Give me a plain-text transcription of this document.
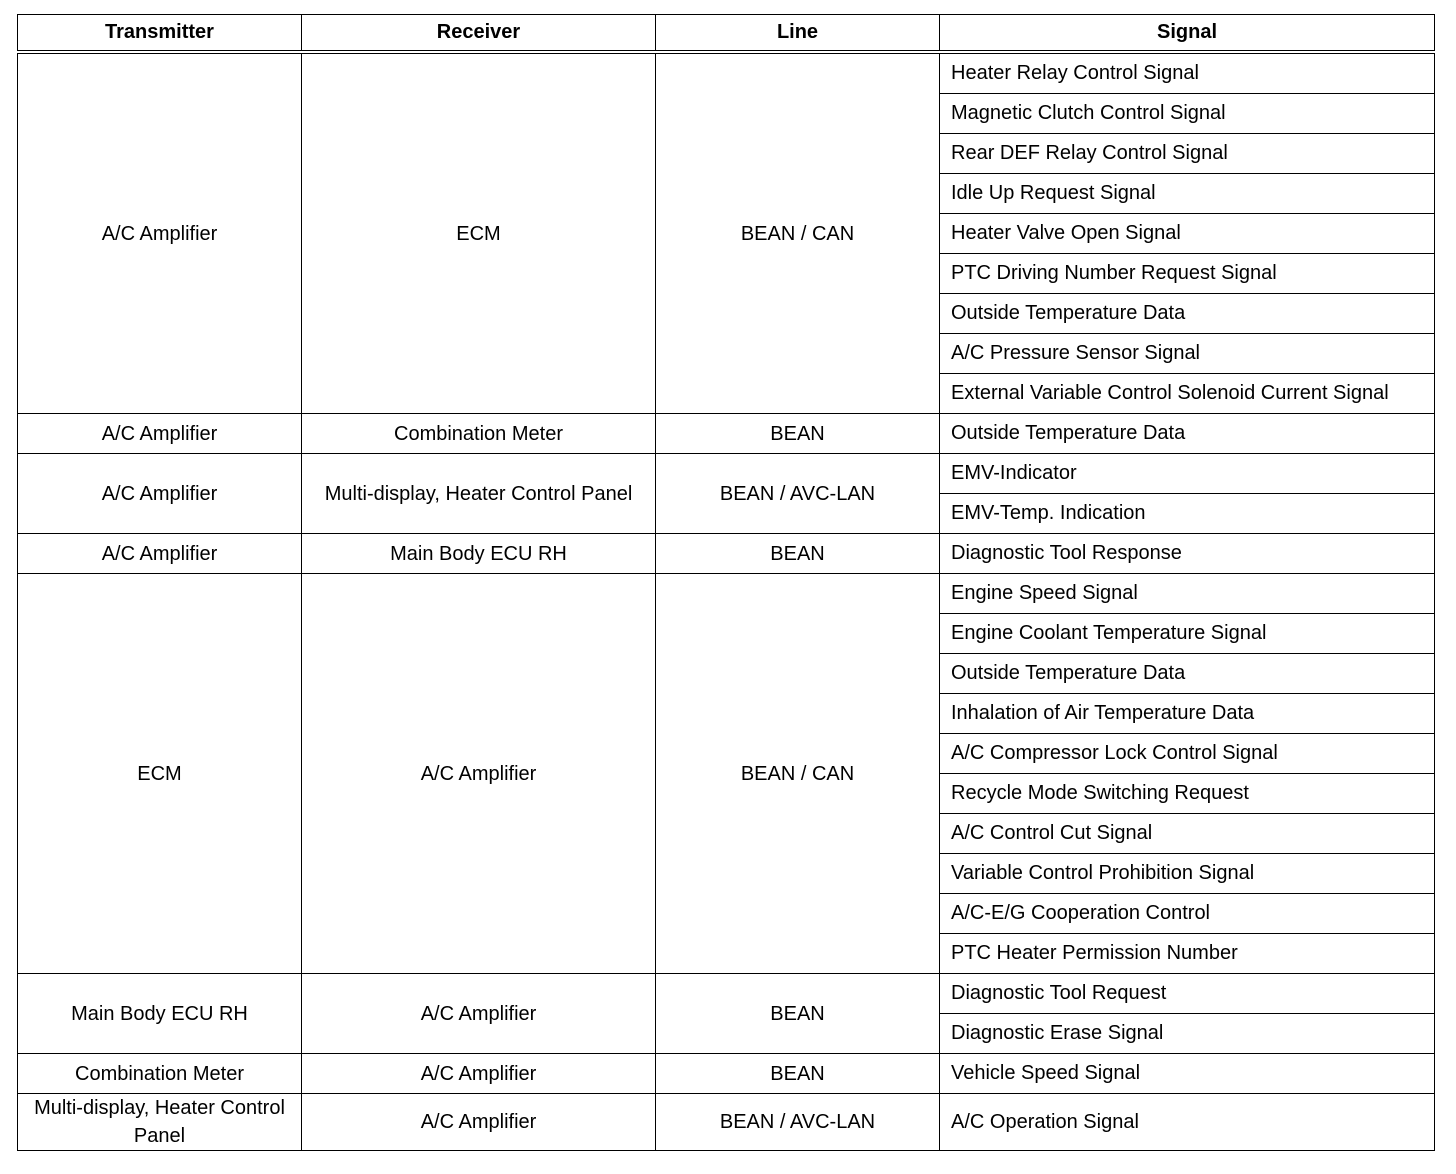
Transmitter	Receiver	Line	Signal
A/C Amplifier	ECM	BEAN / CAN	Heater Relay Control Signal
			Magnetic Clutch Control Signal
			Rear DEF Relay Control Signal
			Idle Up Request Signal
			Heater Valve Open Signal
			PTC Driving Number Request Signal
			Outside Temperature Data
			A/C Pressure Sensor Signal
			External Variable Control Solenoid Current Signal
A/C Amplifier	Combination Meter	BEAN	Outside Temperature Data
A/C Amplifier	Multi-display, Heater Control Panel	BEAN / AVC-LAN	EMV-Indicator
			EMV-Temp. Indication
A/C Amplifier	Main Body ECU RH	BEAN	Diagnostic Tool Response
ECM	A/C Amplifier	BEAN / CAN	Engine Speed Signal
			Engine Coolant Temperature Signal
			Outside Temperature Data
			Inhalation of Air Temperature Data
			A/C Compressor Lock Control Signal
			Recycle Mode Switching Request
			A/C Control Cut Signal
			Variable Control Prohibition Signal
			A/C-E/G Cooperation Control
			PTC Heater Permission Number
Main Body ECU RH	A/C Amplifier	BEAN	Diagnostic Tool Request
			Diagnostic Erase Signal
Combination Meter	A/C Amplifier	BEAN	Vehicle Speed Signal
Multi-display, Heater Control Panel	A/C Amplifier	BEAN / AVC-LAN	A/C Operation Signal
